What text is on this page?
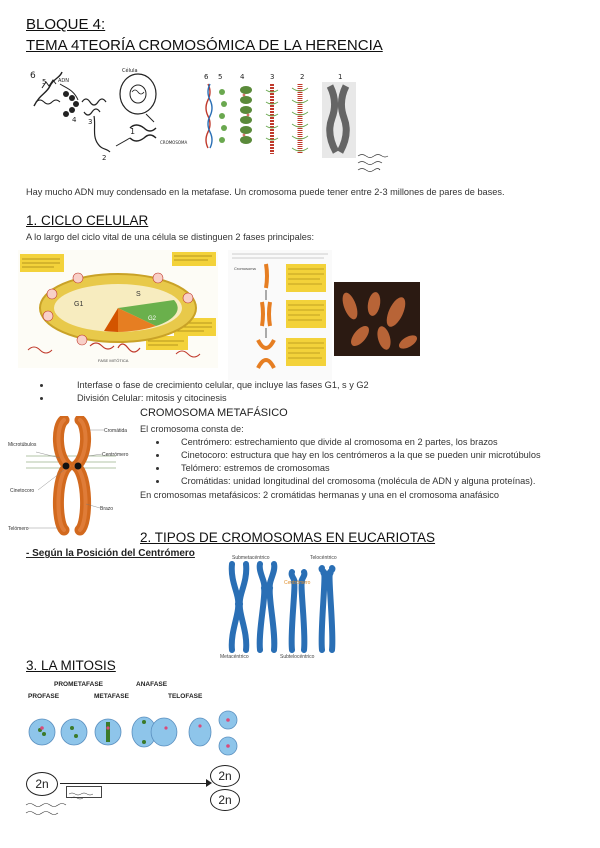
BLOQUE 4:
TEMA 4TEORÍA CROMOSÓMICA DE LA HERENCIA
6
5
4 3
2
1
ADN
Célula
CROMOSOMA
6 5	4	3	2	1
Hay mucho ADN muy condensado en la metafase. Un cromosoma puede tener entre 2-3 millones de pares de bases.
1. CICLO CELULAR
A lo largo del ciclo vital de una célula se distinguen 2 fases principales:
G1
S
G2
FASE MITÓTICA
Cromosoma
Interfase o fase de crecimiento celular, que incluye las fases G1, s y G2
División Celular: mitosis y citocinesis
Cromátida
Microtúbulos
Centrómero
Cinetocoro
Brazo
Telómero
CROMOSOMA METAFÁSICO
El cromosoma consta de:
Centrómero: estrechamiento que divide al cromosoma en 2 partes, los brazos
Cinetocoro: estructura que hay en los centrómeros a la que se pueden unir microtúbulos
Telómero: estremos de cromosomas
Cromátidas: unidad longitudinal del cromosoma (molécula de ADN y alguna proteínas).
En cromosomas metafásicos: 2 cromátidas hermanas y una en el cromosoma anafásico
2. TIPOS DE CROMOSOMAS EN EUCARIOTAS
- Según la Posición del Centrómero	Submetacéntrico	Telocéntrico
Centrómero
Metacéntrico	Subtelocéntrico
3. LA MITOSIS
PROFASE
PROMETAFASE
METAFASE
ANAFASE
TELOFASE
2n
2n
2n
